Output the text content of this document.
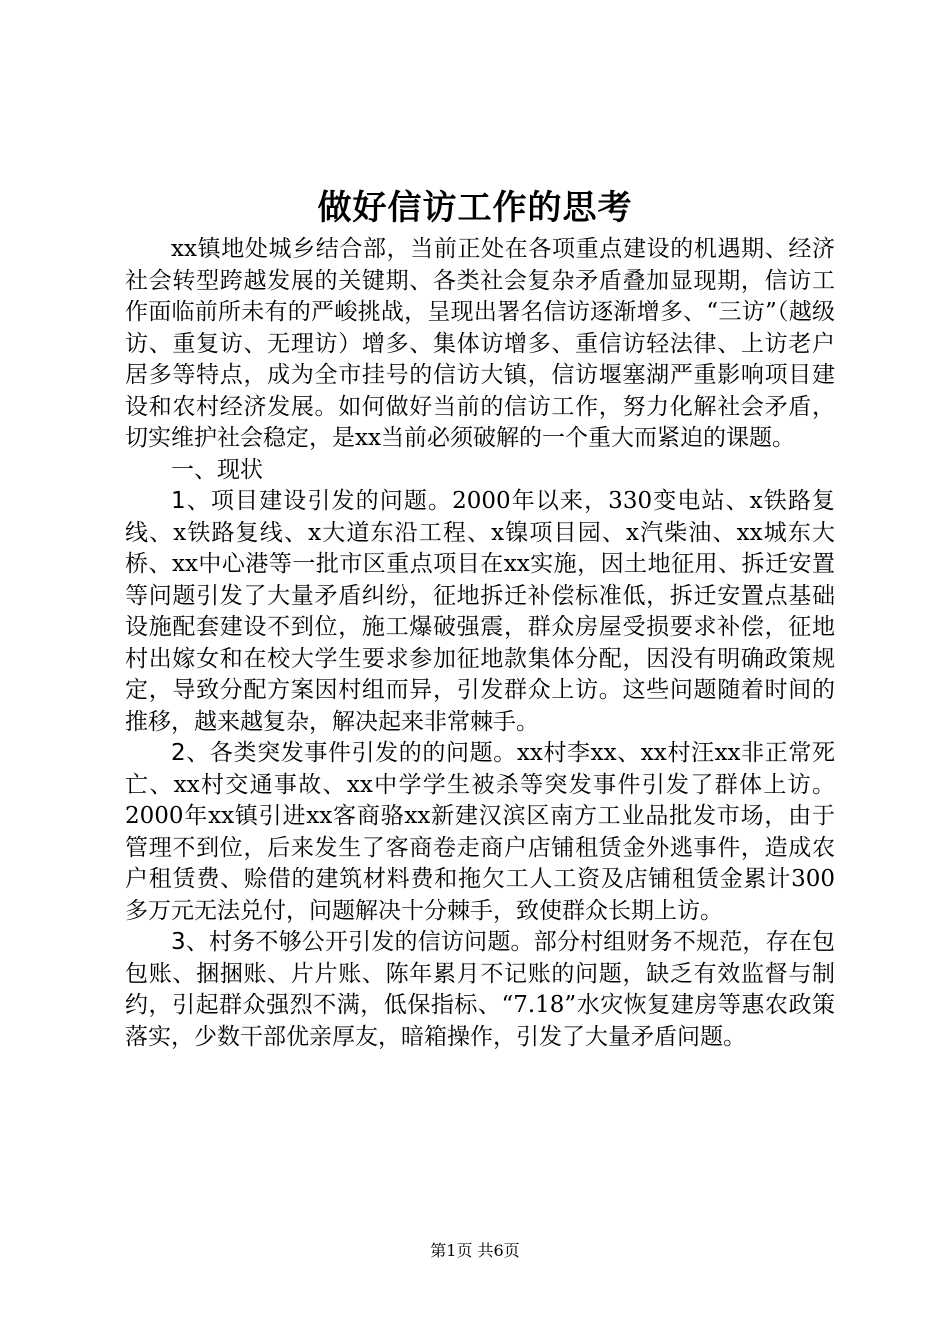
做好信访工作的思考

xx镇地处城乡结合部，当前正处在各项重点建设的机遇期、经济社会转型跨越发展的关键期、各类社会复杂矛盾叠加显现期，信访工作面临前所未有的严峻挑战，呈现出署名信访逐渐增多、“三访”（越级访、重复访、无理访）增多、集体访增多、重信访轻法律、上访老户居多等特点，成为全市挂号的信访大镇，信访堰塞湖严重影响项目建设和农村经济发展。如何做好当前的信访工作，努力化解社会矛盾，切实维护社会稳定，是xx当前必须破解的一个重大而紧迫的课题。

一、现状

1、项目建设引发的问题。2000年以来，330变电站、x铁路复线、x铁路复线、x大道东沿工程、x镍项目园、x汽柴油、xx城东大桥、xx中心港等一批市区重点项目在xx实施，因土地征用、拆迁安置等问题引发了大量矛盾纠纷，征地拆迁补偿标准低，拆迁安置点基础设施配套建设不到位，施工爆破强震，群众房屋受损要求补偿，征地村出嫁女和在校大学生要求参加征地款集体分配，因没有明确政策规定，导致分配方案因村组而异，引发群众上访。这些问题随着时间的推移，越来越复杂，解决起来非常棘手。

2、各类突发事件引发的的问题。xx村李xx、xx村汪xx非正常死亡、xx村交通事故、xx中学学生被杀等突发事件引发了群体上访。2000年xx镇引进xx客商骆xx新建汉滨区南方工业品批发市场，由于管理不到位，后来发生了客商卷走商户店铺租赁金外逃事件，造成农户租赁费、赊借的建筑材料费和拖欠工人工资及店铺租赁金累计300多万元无法兑付，问题解决十分棘手，致使群众长期上访。

3、村务不够公开引发的信访问题。部分村组财务不规范，存在包包账、捆捆账、片片账、陈年累月不记账的问题，缺乏有效监督与制约，引起群众强烈不满，低保指标、“7.18”水灾恢复建房等惠农政策落实，少数干部优亲厚友，暗箱操作，引发了大量矛盾问题。

第1页 共6页
